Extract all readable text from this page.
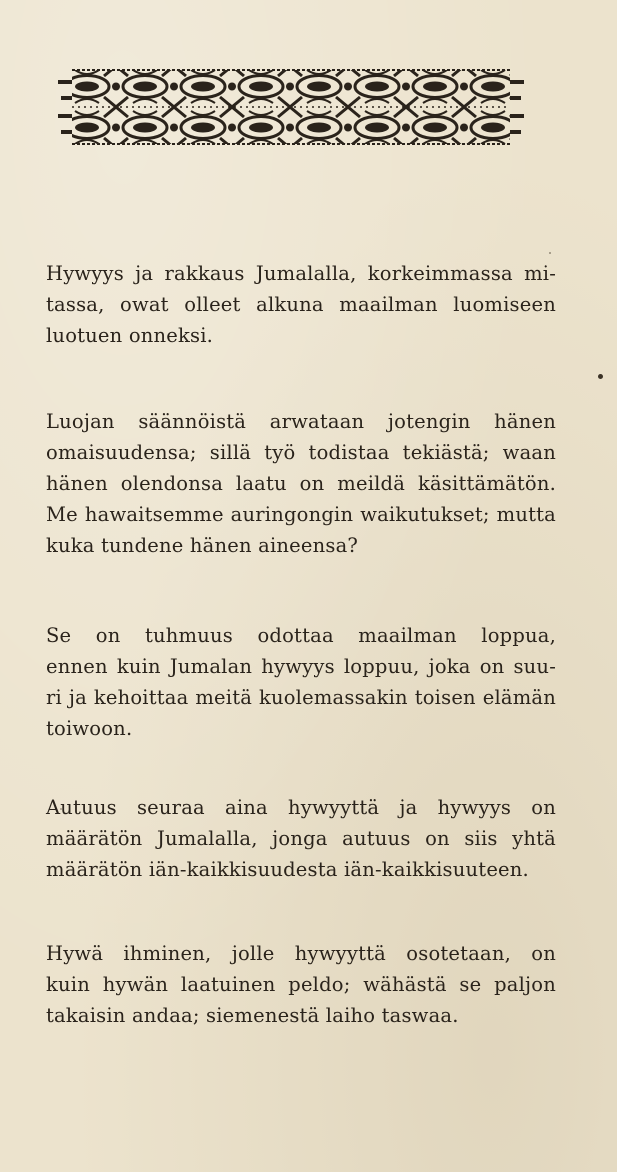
Hywyys ja rakkaus Jumalalla, korkeimmassa mi-
tassa, owat olleet alkuna maailman luomiseen
luotuen onneksi.

Luojan säännöistä arwataan jotengin hänen
omaisuudensa; sillä työ todistaa tekiästä; waan
hänen olendonsa laatu on meildä käsittämätön.
Me hawaitsemme auringongin waikutukset; mutta
kuka tundene hänen aineensa?

Se on tuhmuus odottaa maailman loppua,
ennen kuin Jumalan hywyys loppuu, joka on suu-
ri ja kehoittaa meitä kuolemassakin toisen elämän
toiwoon.

Autuus seuraa aina hywyyttä ja hywyys on
määrätön Jumalalla, jonga autuus on siis yhtä
määrätön iän-kaikkisuudesta iän-kaikkisuuteen.

Hywä ihminen, jolle hywyyttä osotetaan, on
kuin hywän laatuinen peldo; wähästä se paljon
takaisin andaa; siemenestä laiho taswaa.
